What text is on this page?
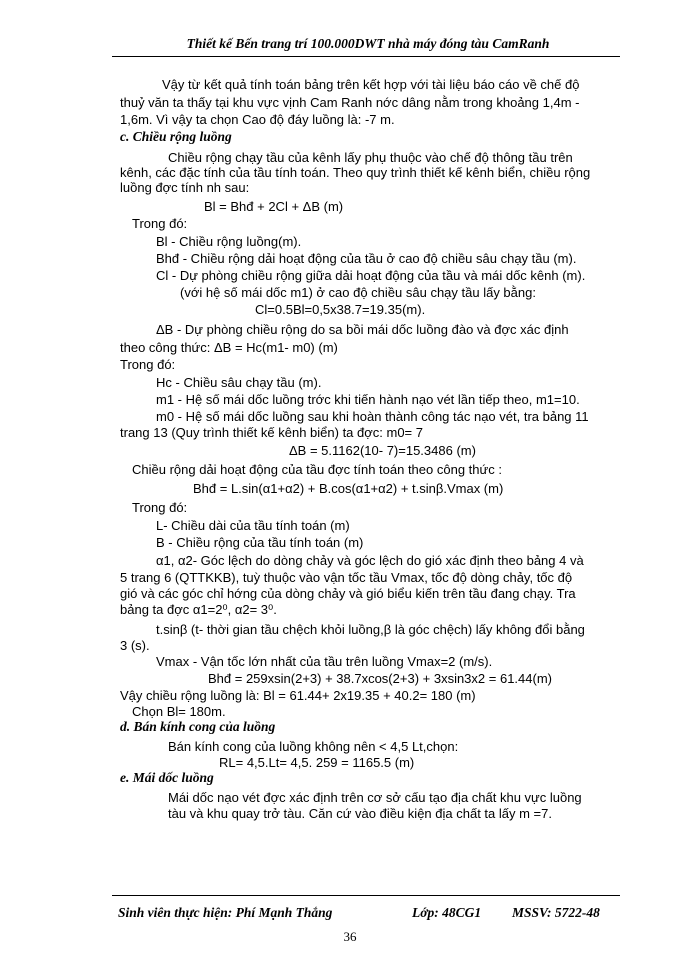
Thiết kế Bến trang trí 100.000DWT nhà máy đóng tàu CamRanh
Vậy từ kết quả tính toán bảng trên kết hợp với tài liệu báo cáo về chế độ
thuỷ văn ta thấy tại khu vực vịnh Cam Ranh nớc dâng nằm trong khoảng 1,4m -
1,6m. Vì vậy ta chọn Cao độ đáy luồng là: -7 m.
c. Chiều rộng luồng
Chiều rộng chạy tầu của kênh lấy phụ thuộc vào chế độ thông tầu trên
kênh, các đặc tính của tầu tính toán. Theo quy trình thiết kế kênh biển, chiều rộng
luồng đợc tính nh sau:
Bl = Bhđ + 2Cl + ΔB (m)
Trong đó:
Bl - Chiều rộng luồng(m).
Bhđ - Chiều rộng dải hoạt động của tầu ở cao độ chiều sâu chạy tầu (m).
Cl - Dự phòng chiều rộng giữa dải hoạt động của tầu và mái dốc kênh (m).
(với hệ số mái dốc m1) ở cao độ chiều sâu chạy tầu lấy bằng:
Cl=0.5Bl=0,5x38.7=19.35(m).
ΔB - Dự phòng chiều rộng do sa bồi mái dốc luồng đào và đợc xác định
theo công thức: ΔB = Hc(m1- m0) (m)
Trong đó:
Hc - Chiều sâu chạy tầu (m).
m1 - Hệ số mái dốc luồng trớc khi tiến hành nạo vét lần tiếp theo, m1=10.
m0 - Hệ số mái dốc luồng sau khi hoàn thành công tác nạo vét, tra bảng 11
trang 13 (Quy trình thiết kế kênh biển) ta đợc: m0= 7
ΔB = 5.1162(10- 7)=15.3486 (m)
Chiều rộng dải hoạt động của tầu đợc tính toán theo công thức :
Bhđ = L.sin(α1+α2) + B.cos(α1+α2) + t.sinβ.Vmax (m)
Trong đó:
L- Chiều dài của tầu tính toán (m)
B - Chiều rộng của tầu tính toán (m)
α1, α2- Góc lệch do dòng chảy và góc lệch do gió xác định theo bảng 4 và
5 trang 6 (QTTKKB), tuỳ thuộc vào vận tốc tầu Vmax, tốc độ dòng chảy, tốc độ
gió và các góc chỉ hớng của dòng chảy và gió biểu kiến trên tầu đang chạy. Tra
bảng ta đợc α1=2⁰, α2= 3⁰.
t.sinβ (t- thời gian tầu chệch khỏi luồng,β là góc chệch) lấy không đổi bằng
3 (s).
Vmax - Vận tốc lớn nhất của tầu trên luồng Vmax=2 (m/s).
Bhđ = 259xsin(2+3) + 38.7xcos(2+3) + 3xsin3x2 = 61.44(m)
Vậy chiều rộng luồng là: Bl = 61.44+ 2x19.35 + 40.2= 180 (m)
Chọn Bl= 180m.
d. Bán kính cong của luồng
Bán kính cong của luồng không nên < 4,5 Lt,chọn:
RL= 4,5.Lt= 4,5. 259 = 1165.5 (m)
e. Mái dốc luồng
Mái dốc nạo vét đợc xác định trên cơ sở cấu tạo địa chất khu vực luồng
tàu và khu quay trở tàu. Căn cứ vào điều kiện địa chất ta lấy m =7.
Sinh viên thực hiện: Phí Mạnh Thắng	Lớp: 48CG1 MSSV: 5722-48
36
